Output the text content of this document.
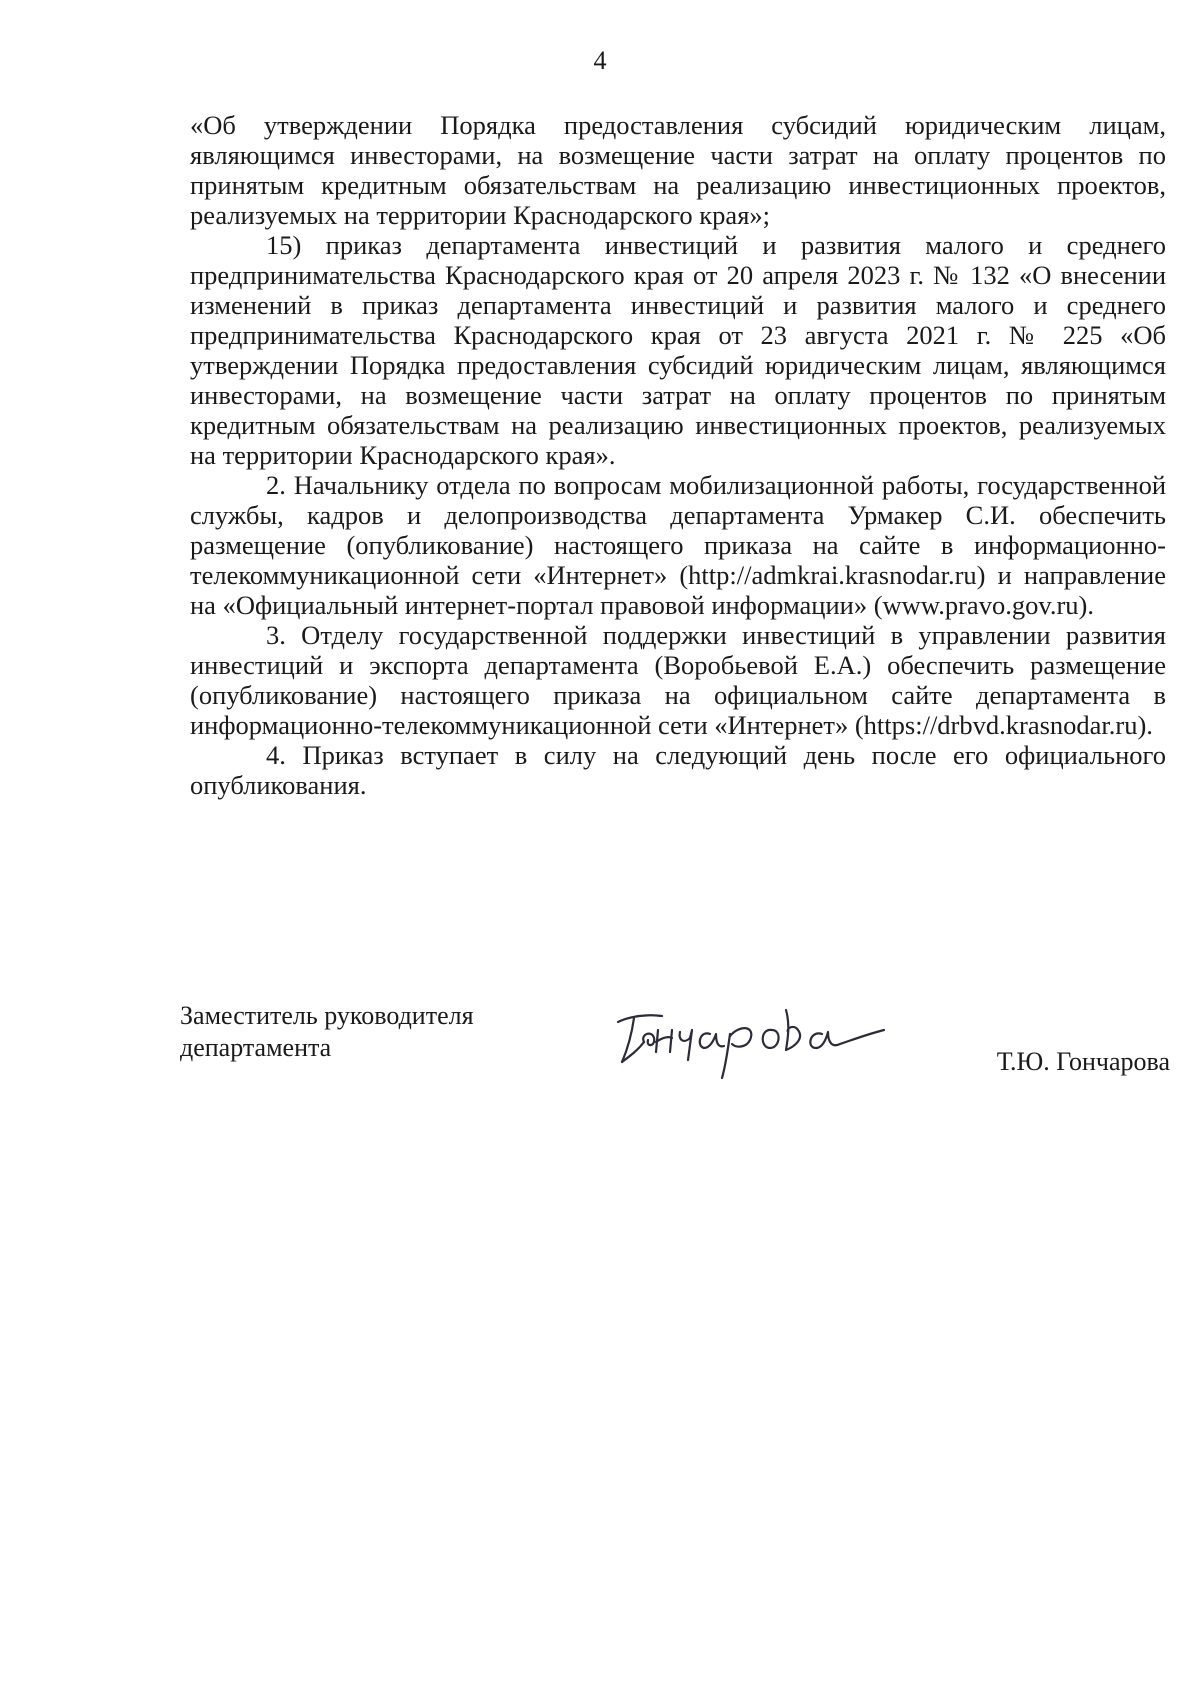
4

«Об утверждении Порядка предоставления субсидий юридическим лицам, являющимся инвесторами, на возмещение части затрат на оплату процентов по принятым кредитным обязательствам на реализацию инвестиционных проектов, реализуемых на территории Краснодарского края»;

15) приказ департамента инвестиций и развития малого и среднего предпринимательства Краснодарского края от 20 апреля 2023 г. № 132 «О внесении изменений в приказ департамента инвестиций и развития малого и среднего предпринимательства Краснодарского края от 23 августа 2021 г. № 225 «Об утверждении Порядка предоставления субсидий юридическим лицам, являющимся инвесторами, на возмещение части затрат на оплату процентов по принятым кредитным обязательствам на реализацию инвестиционных проектов, реализуемых на территории Краснодарского края».

2. Начальнику отдела по вопросам мобилизационной работы, государственной службы, кадров и делопроизводства департамента Урмакер С.И. обеспечить размещение (опубликование) настоящего приказа на сайте в информационно-телекоммуникационной сети «Интернет» (http://admkrai.krasnodar.ru) и направление на «Официальный интернет-портал правовой информации» (www.pravo.gov.ru).

3. Отделу государственной поддержки инвестиций в управлении развития инвестиций и экспорта департамента (Воробьевой Е.А.) обеспечить размещение (опубликование) настоящего приказа на официальном сайте департамента в информационно-телекоммуникационной сети «Интернет» (https://drbvd.krasnodar.ru).

4. Приказ вступает в силу на следующий день после его официального опубликования.

Заместитель руководителя
департамента	Т.Ю. Гончарова
